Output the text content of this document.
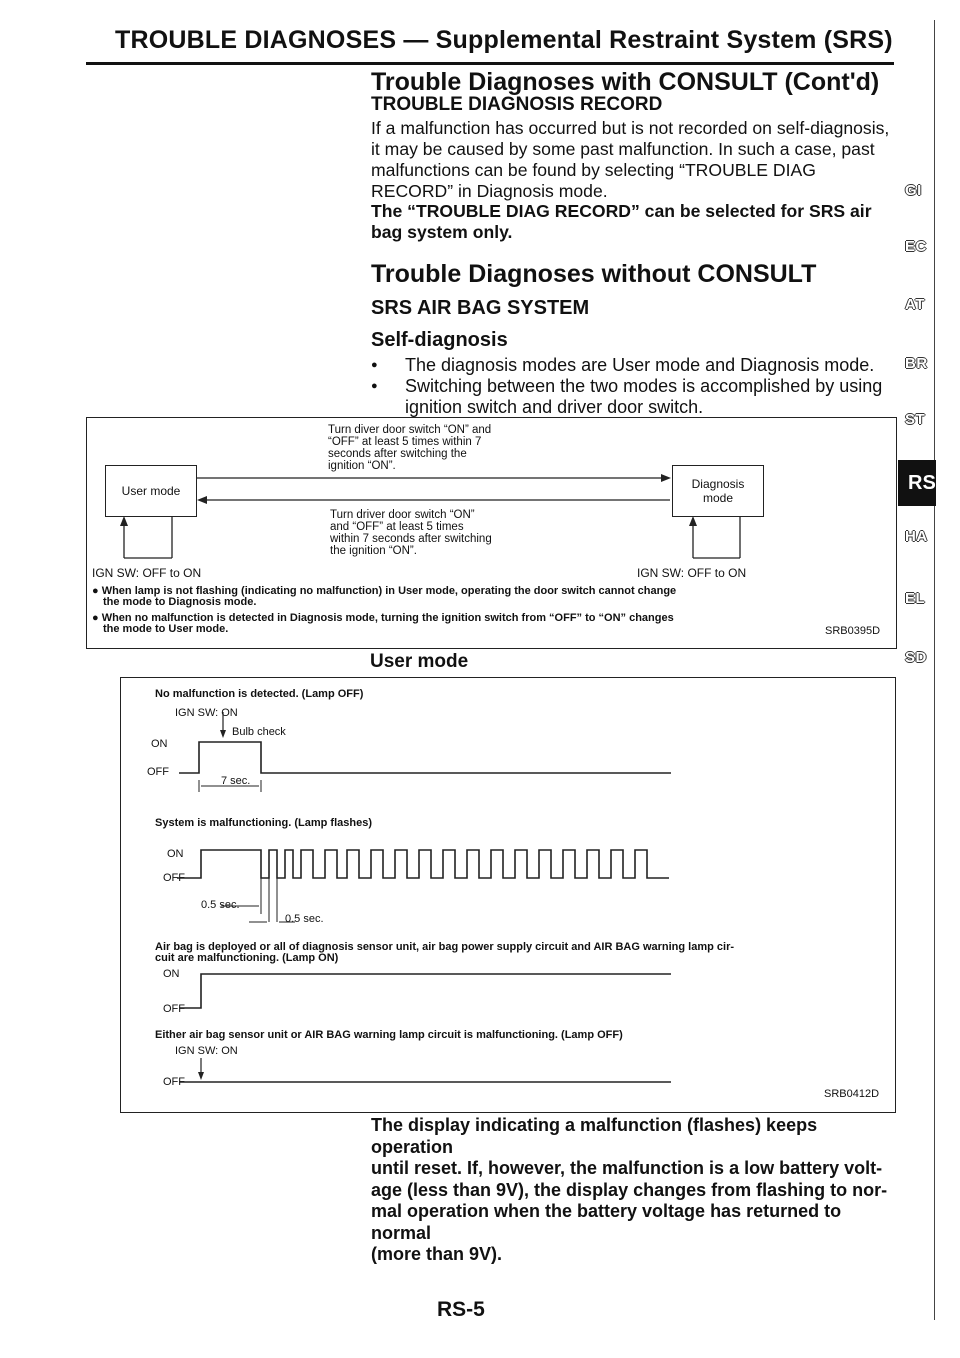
TROUBLE DIAGNOSES — Supplemental Restraint System (SRS)
Trouble Diagnoses with CONSULT (Cont'd)
TROUBLE DIAGNOSIS RECORD
If a malfunction has occurred but is not recorded on self-diagnosis,
it may be caused by some past malfunction. In such a case, past
malfunctions can be found by selecting “TROUBLE DIAG
RECORD” in Diagnosis mode.
The “TROUBLE DIAG RECORD” can be selected for SRS air
bag system only.
Trouble Diagnoses without CONSULT
SRS AIR BAG SYSTEM
Self-diagnosis
● The diagnosis modes are User mode and Diagnosis mode.
● Switching between the two modes is accomplished by using ignition switch and driver door switch.
Turn diver door switch “ON” and
“OFF” at least 5 times within 7
seconds after switching the
ignition “ON”.
User mode	Diagnosis
mode
Turn driver door switch “ON”
and “OFF” at least 5 times
within 7 seconds after switching
the ignition “ON”.
IGN SW: OFF to ON	IGN SW: OFF to ON
● When lamp is not flashing (indicating no malfunction) in User mode, operating the door switch cannot change
the mode to Diagnosis mode.
● When no malfunction is detected in Diagnosis mode, turning the ignition switch from “OFF” to “ON” changes
the mode to User mode.	SRB0395D
User mode
No malfunction is detected. (Lamp OFF)
IGN SW: ON
Bulb check
ON
OFF
7 sec.
System is malfunctioning. (Lamp flashes)
ON
OFF
0.5 sec.
0.5 sec.
Air bag is deployed or all of diagnosis sensor unit, air bag power supply circuit and AIR BAG warning lamp cir-
cuit are malfunctioning. (Lamp ON)
ON
OFF
Either air bag sensor unit or AIR BAG warning lamp circuit is malfunctioning. (Lamp OFF)
IGN SW: ON
OFF
SRB0412D
The display indicating a malfunction (flashes) keeps operation
until reset. If, however, the malfunction is a low battery volt-
age (less than 9V), the display changes from flashing to nor-
mal operation when the battery voltage has returned to normal
(more than 9V).
RS-5
GI
EC
AT
BR
ST
RS
HA
EL
SD
